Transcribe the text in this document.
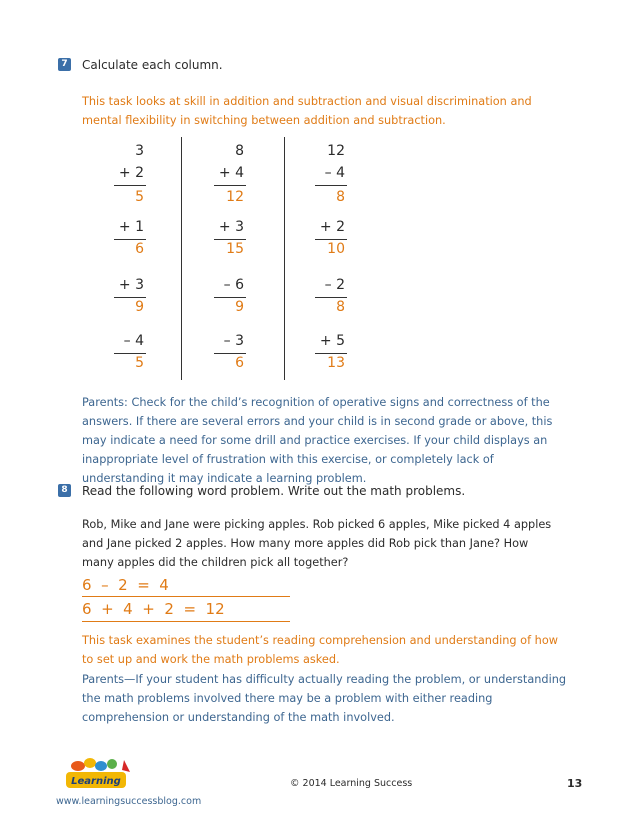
7 Calculate each column.
This task looks at skill in addition and subtraction and visual discrimination and mental flexibility in switching between addition and subtraction.
3
+ 2
5
+ 1
6
+ 3
9
– 4
5
8
+ 4
12
+ 3
15
– 6
9
– 3
6
12
– 4
8
+ 2
10
– 2
8
+ 5
13
Parents: Check for the child’s recognition of operative signs and correctness of the answers. If there are several errors and your child is in second grade or above, this may indicate a need for some drill and practice exercises. If your child displays an inappropriate level of frustration with this exercise, or completely lack of understanding it may indicate a learning problem.
8 Read the following word problem. Write out the math problems.
Rob, Mike and Jane were picking apples. Rob picked 6 apples, Mike picked 4 apples and Jane picked 2 apples. How many more apples did Rob pick than Jane? How many apples did the children pick all together?
6  –  2  =  4
6  +  4  +  2  =  12
This task examines the student’s reading comprehension and understanding of how to set up and work the math problems asked.
Parents—If your student has difficulty actually reading the problem, or understanding the math problems involved there may be a problem with either reading comprehension or understanding of the math involved.
Learning	© 2014 Learning Success	13
www.learningsuccessblog.com
